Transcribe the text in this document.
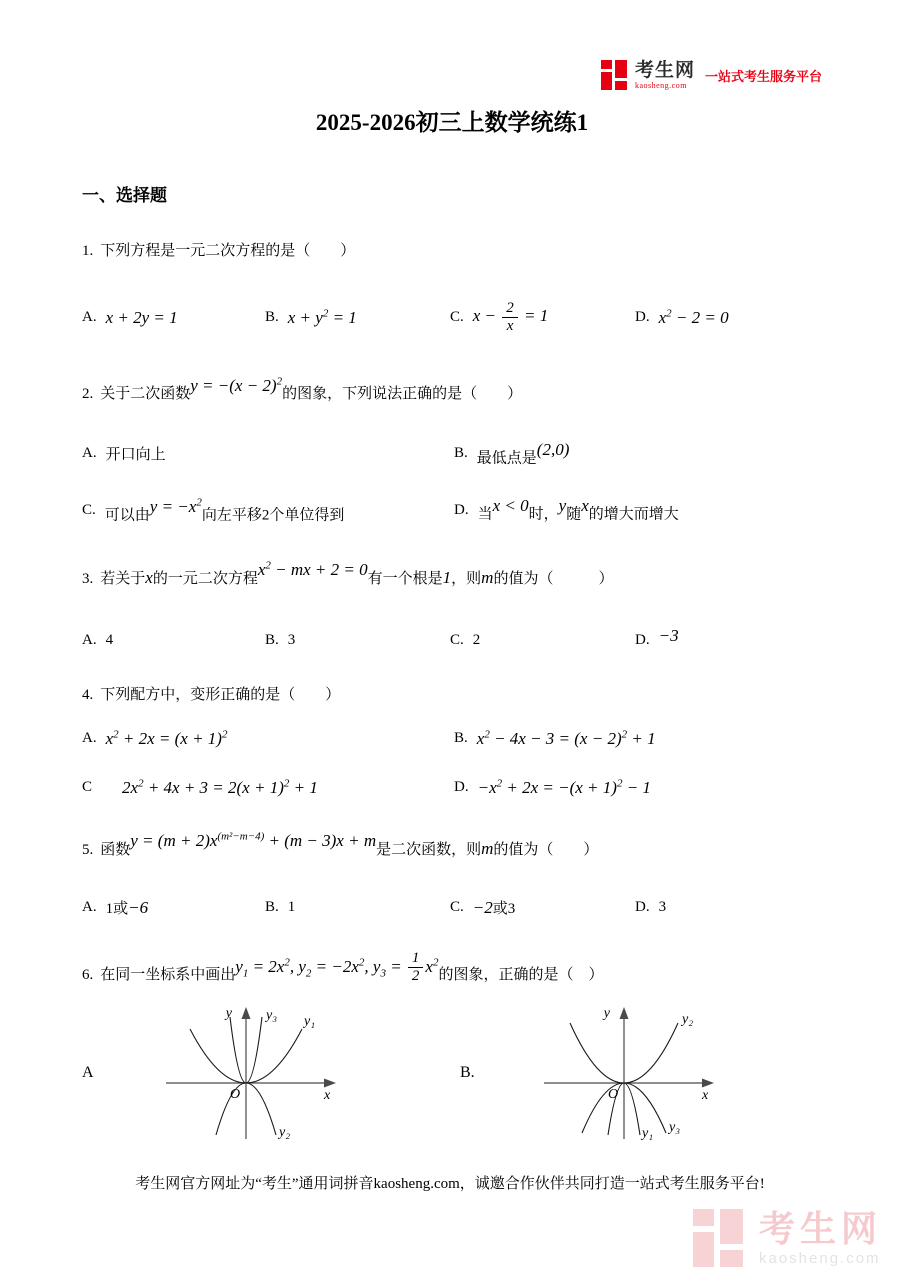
考生网
kaosheng.com
一站式考生服务平台
2025-2026初三上数学统练1
一、选择题
1. 下列方程是一元二次方程的是（　　）
A. x + 2y = 1	B. $x + y^2 = 1$	C. $x - \frac{2}{x} = 1$	D. $x^2 - 2 = 0$
2. 关于二次函数$y = -(x - 2)^2$的图象，下列说法正确的是（　　）
A. 开口向上	B. 最低点是(2,0)
C. 可以由$y = -x^2$向左平移2个单位得到	D. 当x < 0时，y随x的增大而增大
3. 若关于x的一元二次方程$x^2$ − mx + 2 = 0有一个根是1，则m的值为（　　　）
A. 4	B. 3	C. 2	D. −3
4. 下列配方中，变形正确的是（　　）
A. $x^2 + 2x = (x + 1)^2$	B. $x^2 - 4x - 3 = (x - 2)^2 + 1$
C $2x^2 + 4x + 3 = 2(x + 1)^2 + 1$	D. $-x^2 + 2x = -(x + 1)^2 - 1$
5. 函数$y = (m + 2)x^{(m^2-m-4)} + (m - 3)x + m$是二次函数，则m的值为（　　）
A. 1或−6	B. 1	C. −2或3	D. 3
6. 在同一坐标系中画出$y_1 = 2x^2$, $y_2 = -2x^2$, $y_3 = \frac{1}{2} x^2$的图象，正确的是（　）
A
y
x
O
y₃ y₁
y₂
B.
y
x
O
y₂
y₁ y₃
考生网官方网址为“考生”通用词拼音kaosheng.com，诚邀合作伙伴共同打造一站式考生服务平台!
考生网
kaosheng.com
